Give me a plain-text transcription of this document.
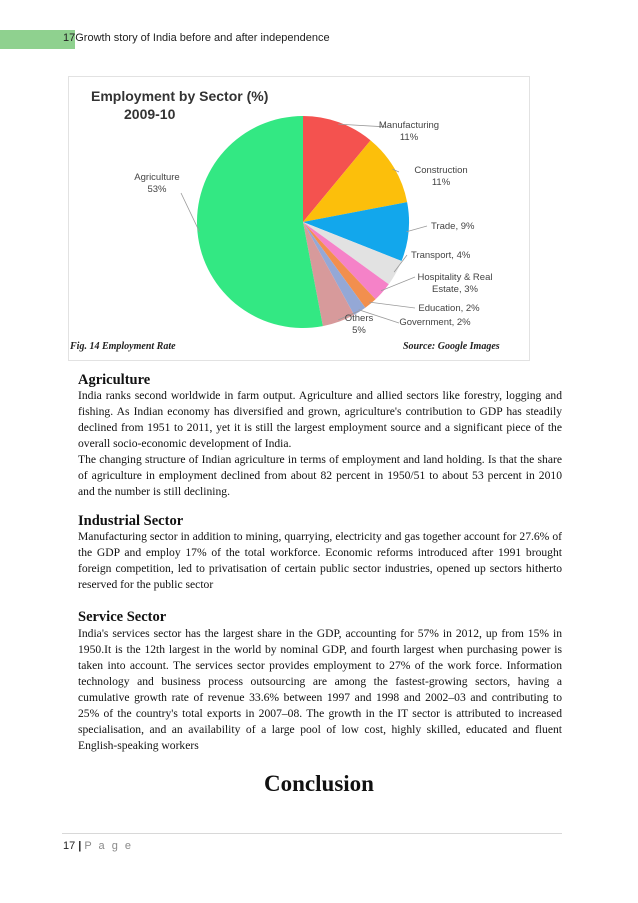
17Growth story of India before and after independence
Employment by Sector (%)
2009-10
Manufacturing 11%
Construction 11%
Trade, 9%
Transport, 4%
Hospitality & Real Estate, 3%
Education, 2%
Government, 2%
Others 5%
Agriculture 53%
Fig. 14 Employment Rate	Source: Google Images
Agriculture

India ranks second worldwide in farm output. Agriculture and allied sectors like forestry, logging and fishing. As Indian economy has diversified and grown, agriculture's contribution to GDP has steadily declined from 1951 to 2011, yet it is still the largest employment source and a significant piece of the overall socio-economic development of India.

The changing structure of Indian agriculture in terms of employment and land holding. Is that the share of agriculture in employment declined from about 82 percent in 1950/51 to about 53 percent in 2010 and the number is still declining.

Industrial Sector

Manufacturing sector in addition to mining, quarrying, electricity and gas together account for 27.6% of the GDP and employ 17% of the total workforce. Economic reforms introduced after 1991 brought foreign competition, led to privatisation of certain public sector industries, opened up sectors hitherto reserved for the public sector

Service Sector

India's services sector has the largest share in the GDP, accounting for 57% in 2012, up from 15% in 1950.It is the 12th largest in the world by nominal GDP, and fourth largest when purchasing power is taken into account. The services sector provides employment to 27% of the work force. Information technology and business process outsourcing are among the fastest-growing sectors, having a cumulative growth rate of revenue 33.6% between 1997 and 1998 and 2002–03 and contributing to 25% of the country's total exports in 2007–08. The growth in the IT sector is attributed to increased specialisation, and an availability of a large pool of low cost, highly skilled, educated and fluent English-speaking workers

Conclusion
17 | P a g e
